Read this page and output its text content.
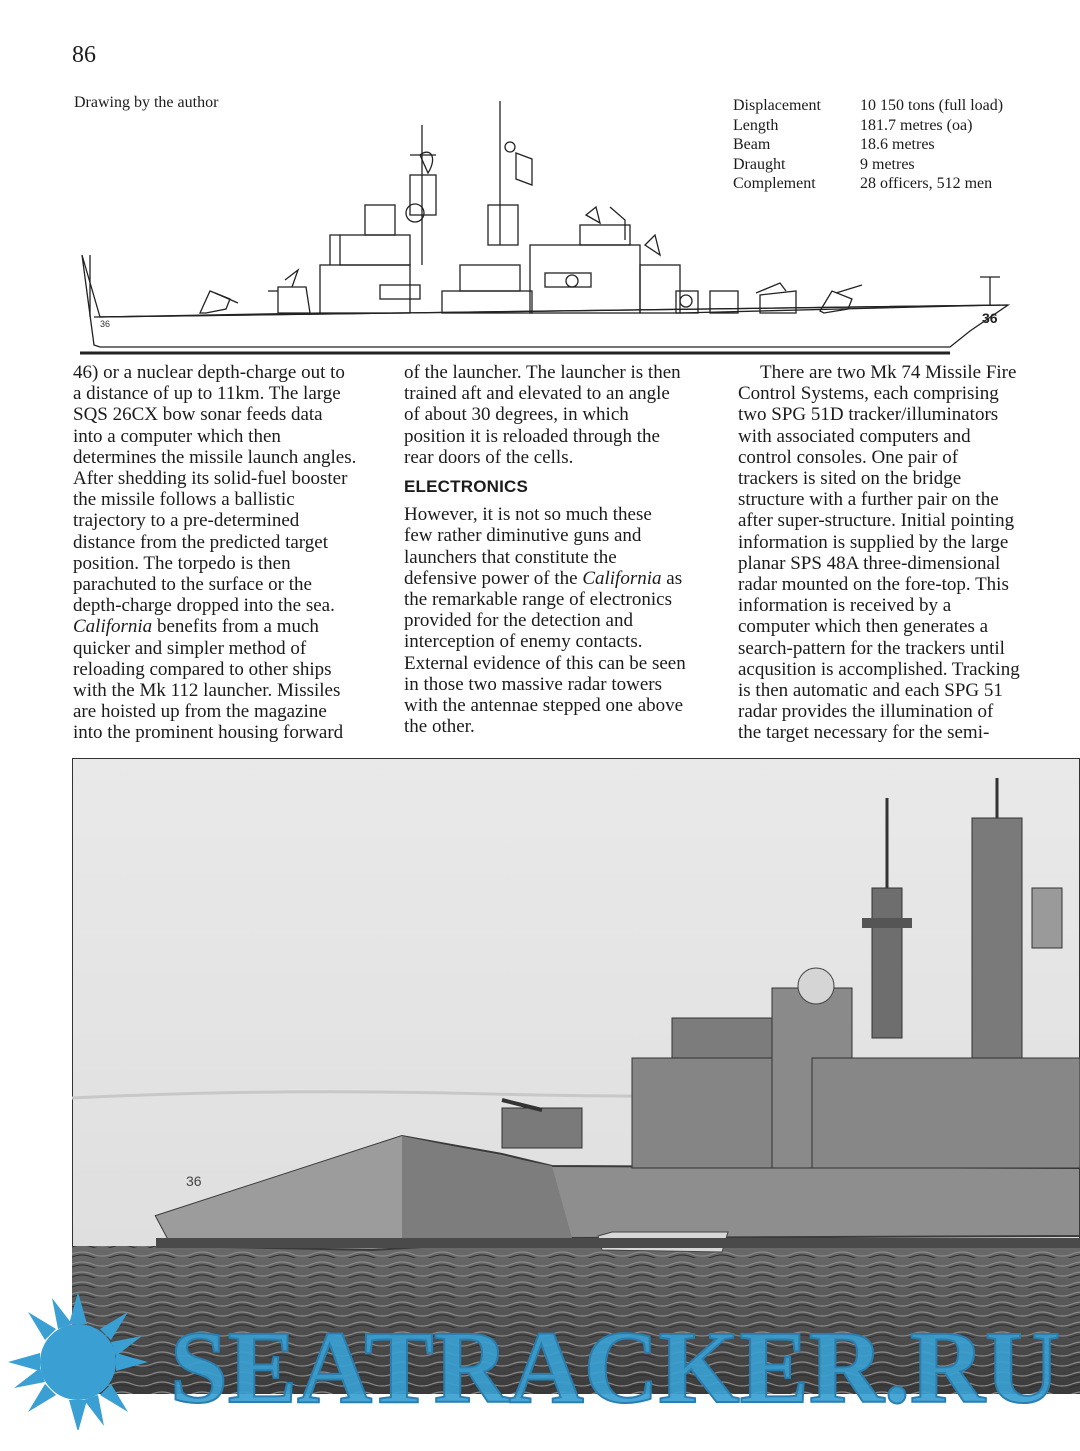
86
Drawing by the author	Displacement	10 150 tons (full load)
Length	181.7 metres (oa)
Beam	18.6 metres
Draught	9 metres
Complement	28 officers, 512 men
36	36

46) or a nuclear depth-charge out to

a distance of up to 11km. The large

SQS 26CX bow sonar feeds data

into a computer which then

determines the missile launch angles.

After shedding its solid-fuel booster

the missile follows a ballistic

trajectory to a pre-determined

distance from the predicted target

position. The torpedo is then

parachuted to the surface or the

depth-charge dropped into the sea.

California benefits from a much

quicker and simpler method of

reloading compared to other ships

with the Mk 112 launcher. Missiles

are hoisted up from the magazine

into the prominent housing forward

of the launcher. The launcher is then

trained aft and elevated to an angle

of about 30 degrees, in which

position it is reloaded through the

rear doors of the cells.

ELECTRONICS

However, it is not so much these

few rather diminutive guns and

launchers that constitute the

defensive power of the California as

the remarkable range of electronics

provided for the detection and

interception of enemy contacts.

External evidence of this can be seen

in those two massive radar towers

with the antennae stepped one above

the other.

There are two Mk 74 Missile Fire

Control Systems, each comprising

two SPG 51D tracker/illuminators

with associated computers and

control consoles. One pair of

trackers is sited on the bridge

structure with a further pair on the

after super-structure. Initial pointing

information is supplied by the large

planar SPS 48A three-dimensional

radar mounted on the fore-top. This

information is received by a

computer which then generates a

search-pattern for the trackers until

acqusition is accomplished. Tracking

is then automatic and each SPG 51

radar provides the illumination of

the target necessary for the semi-

36
SEATRACKER.RU
